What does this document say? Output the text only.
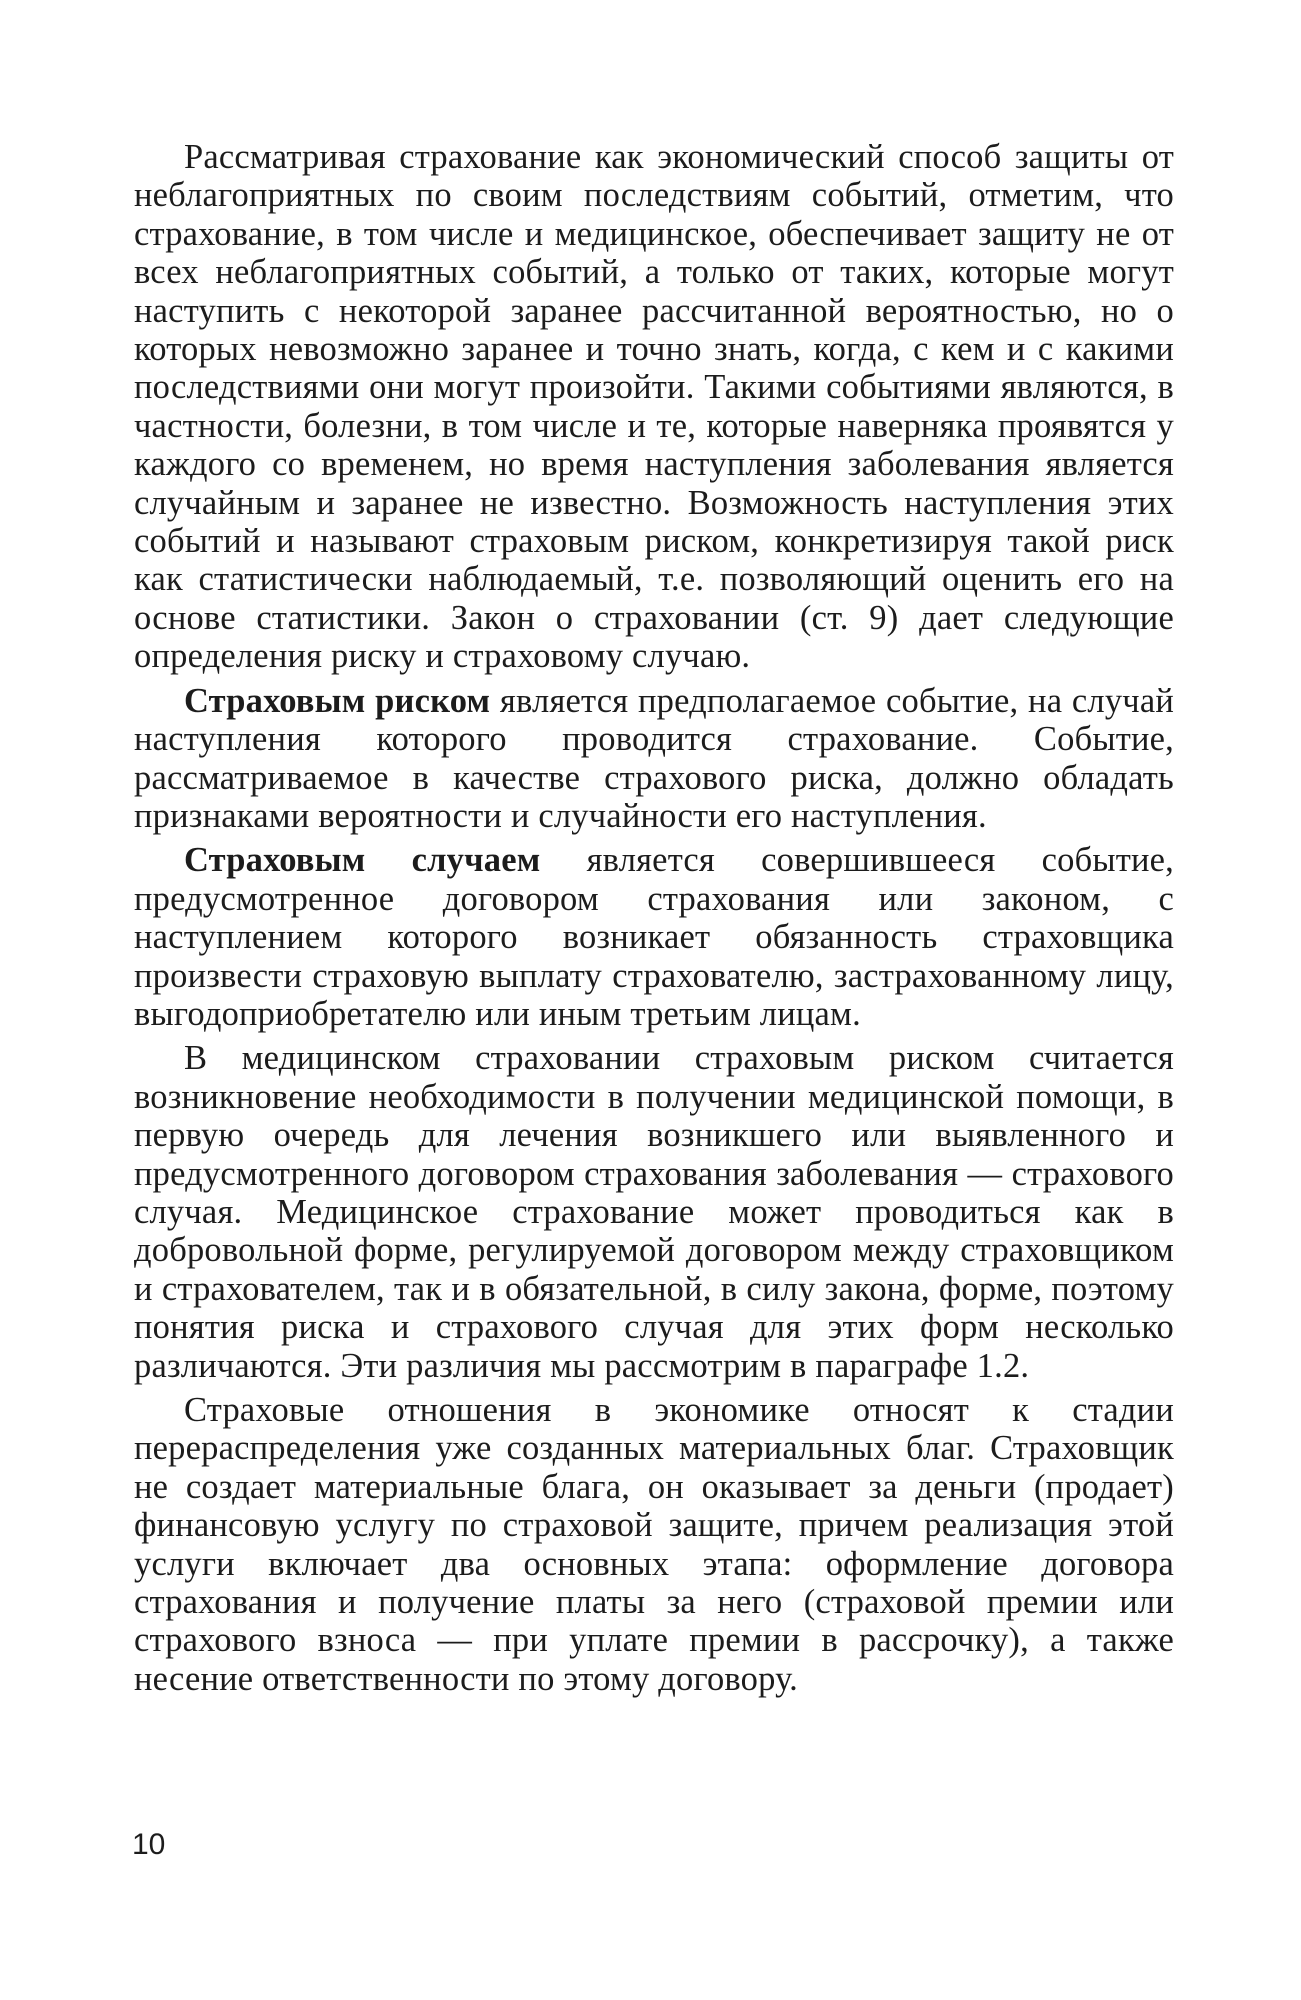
Рассматривая страхование как экономический способ защиты от неблагоприятных по своим последствиям событий, отметим, что страхование, в том числе и медицинское, обеспечивает защиту не от всех неблагоприятных событий, а только от таких, которые могут наступить с некоторой заранее рассчитанной вероятностью, но о которых невозможно заранее и точно знать, когда, с кем и с какими последствиями они могут произойти. Такими событиями являются, в частности, болезни, в том числе и те, которые наверняка проявятся у каждого со временем, но время наступления заболевания является случайным и заранее не известно. Возможность наступления этих событий и называют страховым риском, конкретизируя такой риск как статистически наблюдаемый, т.е. позволяющий оценить его на основе статистики. Закон о страховании (ст. 9) дает следующие определения риску и страховому случаю.

Страховым риском является предполагаемое событие, на случай наступления которого проводится страхование. Событие, рассматриваемое в качестве страхового риска, должно обладать признаками вероятности и случайности его наступления.

Страховым случаем является совершившееся событие, предусмотренное договором страхования или законом, с наступлением которого возникает обязанность страховщика произвести страховую выплату страхователю, застрахованному лицу, выгодоприобретателю или иным третьим лицам.

В медицинском страховании страховым риском считается возникновение необходимости в получении медицинской помощи, в первую очередь для лечения возникшего или выявленного и предусмотренного договором страхования заболевания — страхового случая. Медицинское страхование может проводиться как в добровольной форме, регулируемой договором между страховщиком и страхователем, так и в обязательной, в силу закона, форме, поэтому понятия риска и страхового случая для этих форм несколько различаются. Эти различия мы рассмотрим в параграфе 1.2.

Страховые отношения в экономике относят к стадии перераспределения уже созданных материальных благ. Страховщик не создает материальные блага, он оказывает за деньги (продает) финансовую услугу по страховой защите, причем реализация этой услуги включает два основных этапа: оформление договора страхования и получение платы за него (страховой премии или страхового взноса — при уплате премии в рассрочку), а также несение ответственности по этому договору.

10
